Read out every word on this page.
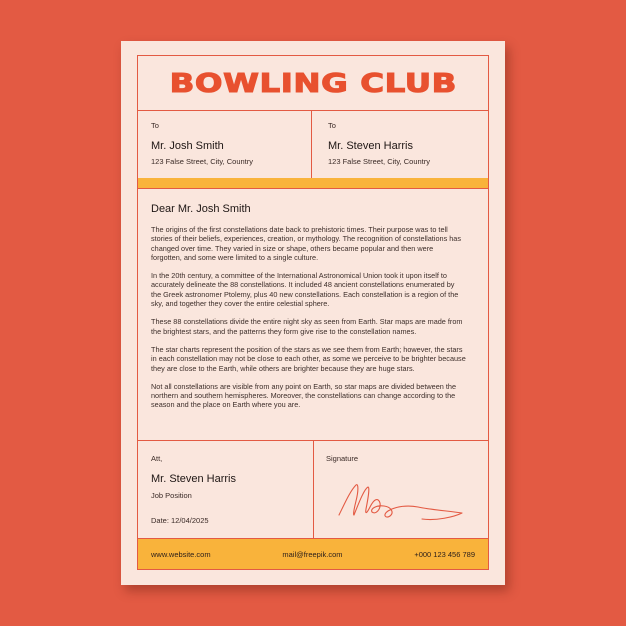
BOWLING CLUB
To
Mr. Josh Smith
123 False Street, City, Country
To
Mr. Steven Harris
123 False Street, City, Country
Dear Mr. Josh Smith

The origins of the first constellations date back to prehistoric times. Their purpose was to tell stories of their beliefs, experiences, creation, or mythology. The recognition of constellations has changed over time. They varied in size or shape, others became popular and then were forgotten, and some were limited to a single culture.

In the 20th century, a committee of the International Astronomical Union took it upon itself to accurately delineate the 88 constellations. It included 48 ancient constellations enumerated by the Greek astronomer Ptolemy, plus 40 new constellations. Each constellation is a region of the sky, and together they cover the entire celestial sphere.

These 88 constellations divide the entire night sky as seen from Earth. Star maps are made from the brightest stars, and the patterns they form give rise to the constellation names.

The star charts represent the position of the stars as we see them from Earth; however, the stars in each constellation may not be close to each other, as some we perceive to be brighter because they are close to the Earth, while others are brighter because they are huge stars.

Not all constellations are visible from any point on Earth, so star maps are divided between the northern and southern hemispheres. Moreover, the constellations can change according to the season and the place on Earth where you are.

Att,
Mr. Steven Harris
Job Position
Date: 12/04/2025
Signature
www.website.com	mail@freepik.com	+000 123 456 789
